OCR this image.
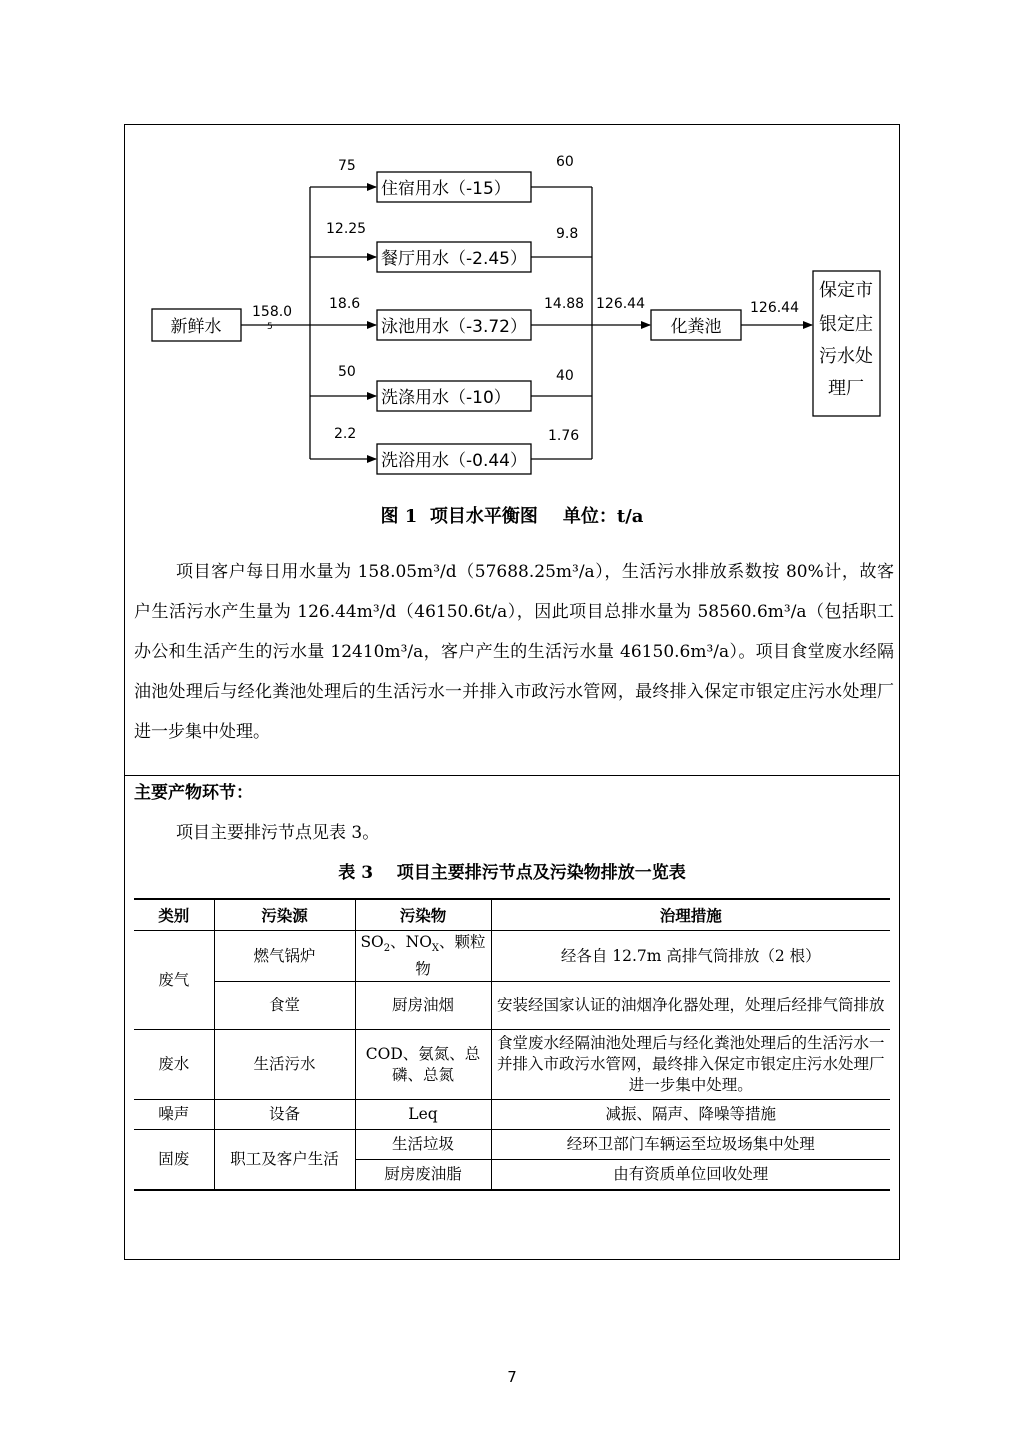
新鲜水
158.0
5
住宿用水（-15）
餐厅用水（-2.45）
泳池用水（-3.72）
洗涤用水（-10）
洗浴用水（-0.44）
75
12.25
18.6
50
2.2
60
9.8
14.88
40
1.76
126.44
化粪池
126.44
保定市
银定庄
污水处
理厂
图 1  项目水平衡图    单位：t/a

项目客户每日用水量为 158.05m³/d（57688.25m³/a），生活污水排放系数按 80%计，故客户生活污水产生量为 126.44m³/d（46150.6t/a），因此项目总排水量为 58560.6m³/a（包括职工办公和生活产生的污水量 12410m³/a，客户产生的生活污水量 46150.6m³/a）。项目食堂废水经隔油池处理后与经化粪池处理后的生活污水一并排入市政污水管网，最终排入保定市银定庄污水处理厂进一步集中处理。

主要产物环节：
项目主要排污节点见表 3。
表 3    项目主要排污节点及污染物排放一览表
类别	污染源	污染物	治理措施
废气	燃气锅炉	$SO_2$、$NO_X$、颗粒物	经各自 12.7m 高排气筒排放（2 根）
	食堂	厨房油烟	安装经国家认证的油烟净化器处理，处理后经排气筒排放
废水	生活污水	COD、氨氮、总磷、总氮	食堂废水经隔油池处理后与经化粪池处理后的生活污水一并排入市政污水管网，最终排入保定市银定庄污水处理厂进一步集中处理。
噪声	设备	Leq	减振、隔声、降噪等措施
固废	职工及客户生活	生活垃圾	经环卫部门车辆运至垃圾场集中处理
		厨房废油脂	由有资质单位回收处理
7
